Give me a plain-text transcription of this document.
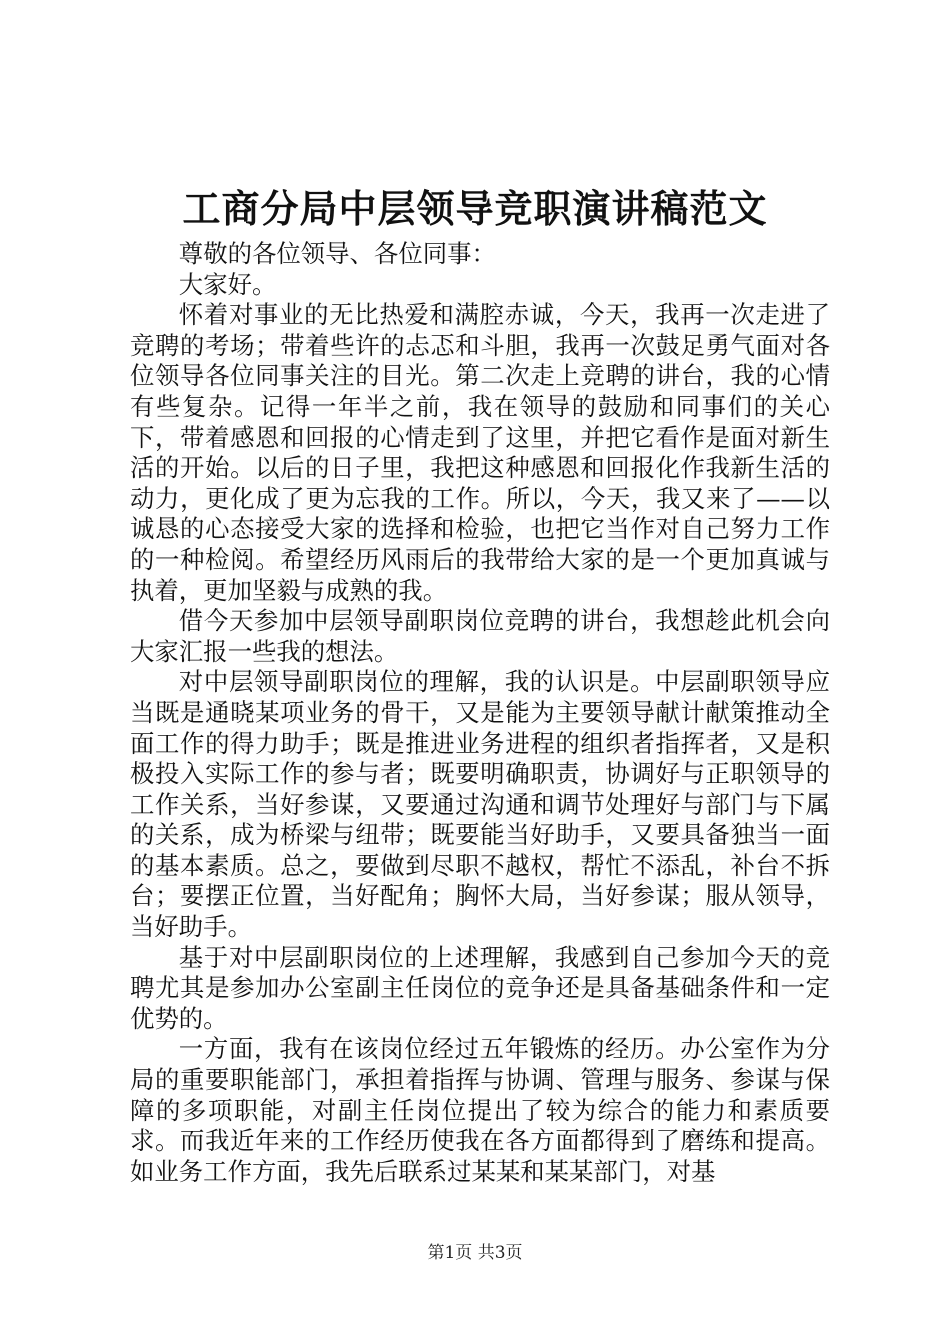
工商分局中层领导竞职演讲稿范文

尊敬的各位领导、各位同事：

大家好。

怀着对事业的无比热爱和满腔赤诚，今天，我再一次走进了竞聘的考场；带着些许的忐忑和斗胆，我再一次鼓足勇气面对各位领导各位同事关注的目光。第二次走上竞聘的讲台，我的心情有些复杂。记得一年半之前，我在领导的鼓励和同事们的关心下，带着感恩和回报的心情走到了这里，并把它看作是面对新生活的开始。以后的日子里，我把这种感恩和回报化作我新生活的动力，更化成了更为忘我的工作。所以，今天，我又来了——以诚恳的心态接受大家的选择和检验，也把它当作对自己努力工作的一种检阅。希望经历风雨后的我带给大家的是一个更加真诚与执着，更加坚毅与成熟的我。

借今天参加中层领导副职岗位竞聘的讲台，我想趁此机会向大家汇报一些我的想法。

对中层领导副职岗位的理解，我的认识是。中层副职领导应当既是通晓某项业务的骨干，又是能为主要领导献计献策推动全面工作的得力助手；既是推进业务进程的组织者指挥者，又是积极投入实际工作的参与者；既要明确职责，协调好与正职领导的工作关系，当好参谋，又要通过沟通和调节处理好与部门与下属的关系，成为桥梁与纽带；既要能当好助手，又要具备独当一面的基本素质。总之，要做到尽职不越权，帮忙不添乱，补台不拆台；要摆正位置，当好配角；胸怀大局，当好参谋；服从领导，当好助手。

基于对中层副职岗位的上述理解，我感到自己参加今天的竞聘尤其是参加办公室副主任岗位的竞争还是具备基础条件和一定优势的。

一方面，我有在该岗位经过五年锻炼的经历。办公室作为分局的重要职能部门，承担着指挥与协调、管理与服务、参谋与保障的多项职能，对副主任岗位提出了较为综合的能力和素质要求。而我近年来的工作经历使我在各方面都得到了磨练和提高。如业务工作方面，我先后联系过某某和某某部门，对基

第1页 共3页
